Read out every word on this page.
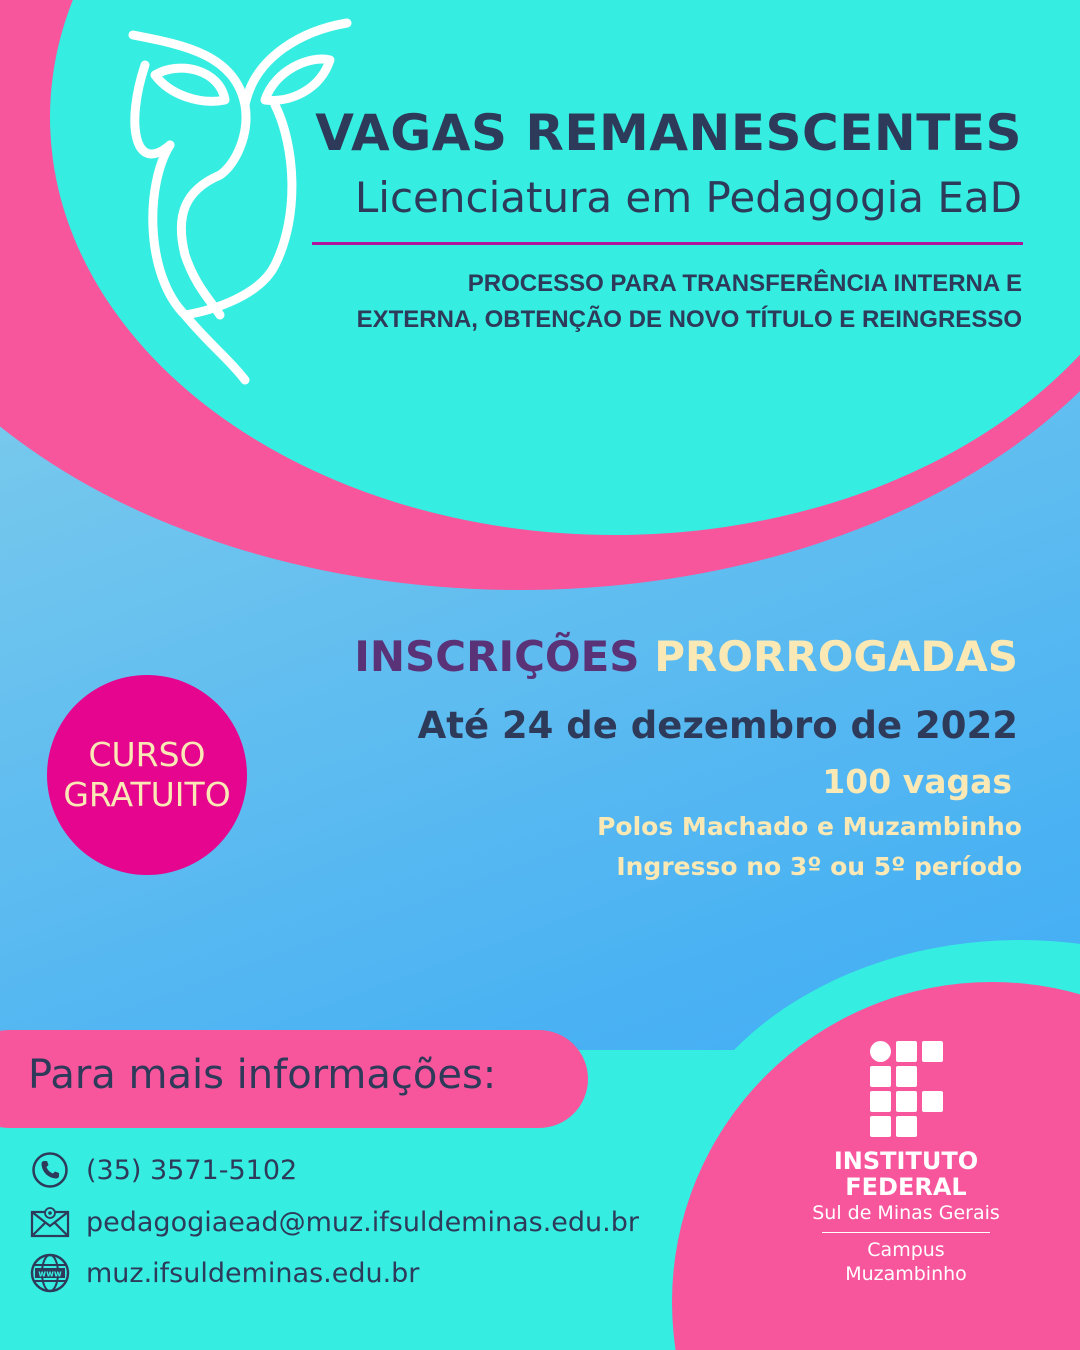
VAGAS REMANESCENTES
Licenciatura em Pedagogia EaD
PROCESSO PARA TRANSFERÊNCIA INTERNA E
EXTERNA, OBTENÇÃO DE NOVO TÍTULO E REINGRESSO
INSCRIÇÕES PRORROGADAS
Até 24 de dezembro de 2022
100 vagas
Polos Machado e Muzambinho
Ingresso no 3º ou 5º período
CURSO
GRATUITO
Para mais informações:
(35) 3571-5102
pedagogiaead@muz.ifsuldeminas.edu.br
www muz.ifsuldeminas.edu.br
INSTITUTO
FEDERAL
Sul de Minas Gerais
Campus
Muzambinho
